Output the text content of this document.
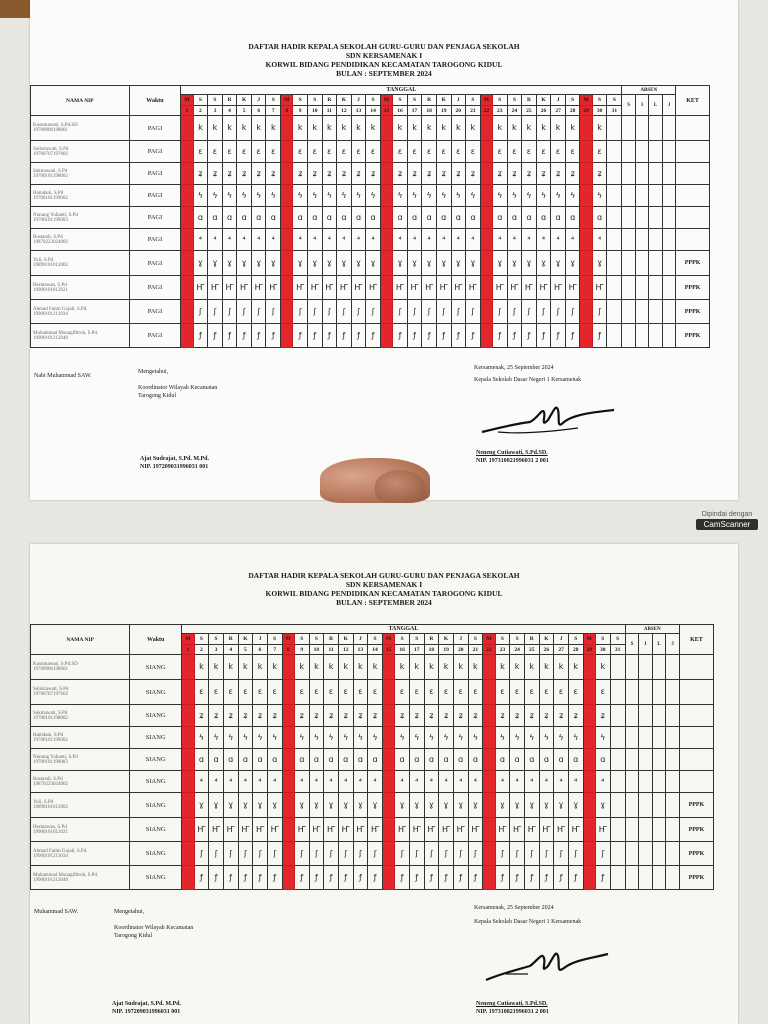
DAFTAR HADIR KEPALA SEKOLAH GURU-GURU DAN PENJAGA SEKOLAH
SDN KERSAMENAK I
KORWIL BIDANG PENDIDIKAN KECAMATAN TAROGONG KIDUL
BULAN : SEPTEMBER 2024
NAMA NIP	Waktu	TANGGAL																															ABSEN				KET
		M	S	S	R	K	J	S	M	S	S	R	K	J	S	M	S	S	R	K	J	S	M	S	S	R	K	J	S	M	S	S	S	I	L	J	
		1	2	3	4	5	6	7	8	9	10	11	12	13	14	15	16	17	18	19	20	21	22	23	24	25	26	27	28	29	30	31					

Kusumawati, S.Pd.SD
19700906198001	PAGI		k	k	k	k	k	k		k	k	k	k	k	k		k	k	k	k	k	k		k	k	k	k	k	k		k						

Sulistiawati, S.Pd
19700707197602	PAGI		ɛ	ɛ	ɛ	ɛ	ɛ	ɛ		ɛ	ɛ	ɛ	ɛ	ɛ	ɛ		ɛ	ɛ	ɛ	ɛ	ɛ	ɛ		ɛ	ɛ	ɛ	ɛ	ɛ	ɛ		ɛ						

Sukmawati, S.Pd
19700101198002	PAGI		ʑ	ʑ	ʑ	ʑ	ʑ	ʑ		ʑ	ʑ	ʑ	ʑ	ʑ	ʑ		ʑ	ʑ	ʑ	ʑ	ʑ	ʑ		ʑ	ʑ	ʑ	ʑ	ʑ	ʑ		ʑ						

Hamdani, S.Pd
19700101199002	PAGI		ϟ	ϟ	ϟ	ϟ	ϟ	ϟ		ϟ	ϟ	ϟ	ϟ	ϟ	ϟ		ϟ	ϟ	ϟ	ϟ	ϟ	ϟ		ϟ	ϟ	ϟ	ϟ	ϟ	ϟ		ϟ						

Nunung Yulianti, S.Pd
19700101199003	PAGI		ɑ	ɑ	ɑ	ɑ	ɑ	ɑ		ɑ	ɑ	ɑ	ɑ	ɑ	ɑ		ɑ	ɑ	ɑ	ɑ	ɑ	ɑ		ɑ	ɑ	ɑ	ɑ	ɑ	ɑ		ɑ						

Rustandi, S.Pd
19870223024002	PAGI		⁴	⁴	⁴	⁴	⁴	⁴		⁴	⁴	⁴	⁴	⁴	⁴		⁴	⁴	⁴	⁴	⁴	⁴		⁴	⁴	⁴	⁴	⁴	⁴		⁴						

Yuli, S.Pd
19890101012002	PAGI		ɣ	ɣ	ɣ	ɣ	ɣ	ɣ		ɣ	ɣ	ɣ	ɣ	ɣ	ɣ		ɣ	ɣ	ɣ	ɣ	ɣ	ɣ		ɣ	ɣ	ɣ	ɣ	ɣ	ɣ		ɣ						PPPK

Hermawan, S.Pd
19900101012021	PAGI		Ҥ	Ҥ	Ҥ	Ҥ	Ҥ	Ҥ		Ҥ	Ҥ	Ҥ	Ҥ	Ҥ	Ҥ		Ҥ	Ҥ	Ҥ	Ҥ	Ҥ	Ҥ		Ҥ	Ҥ	Ҥ	Ҥ	Ҥ	Ҥ		Ҥ						PPPK

Ahmad Fatim Gojali, S.Pd.
19900101211034	PAGI		ʃ	ʃ	ʃ	ʃ	ʃ	ʃ		ʃ	ʃ	ʃ	ʃ	ʃ	ʃ		ʃ	ʃ	ʃ	ʃ	ʃ	ʃ		ʃ	ʃ	ʃ	ʃ	ʃ	ʃ		ʃ						PPPK

Muhammad Munagiftiruh, S.Pd.
19900101212040	PAGI		ƒ	ƒ	ƒ	ƒ	ƒ	ƒ		ƒ	ƒ	ƒ	ƒ	ƒ	ƒ		ƒ	ƒ	ƒ	ƒ	ƒ	ƒ		ƒ	ƒ	ƒ	ƒ	ƒ	ƒ		ƒ						PPPK
Nabi Muhammad SAW.
Mengetahui,
Koordinator Wilayah Kecamatan
Tarogong Kidul
Kersamenak, 25 September 2024
Kepala Sekolah Dasar Negeri 1 Kersamenak
Ajat Sudrajat, S.Pd. M.Pd.
NIP. 197209031996031 001
Neneng Cutiawati, S.Pd.SD.
NIP. 197310821996031 2 001
Dipindai dengan
CamScanner
DAFTAR HADIR KEPALA SEKOLAH GURU-GURU DAN PENJAGA SEKOLAH
SDN KERSAMENAK I
KORWIL BIDANG PENDIDIKAN KECAMATAN TAROGONG KIDUL
BULAN : SEPTEMBER 2024
NAMA NIP	Waktu	TANGGAL																															ABSEN				KET
		M	S	S	R	K	J	S	M	S	S	R	K	J	S	M	S	S	R	K	J	S	M	S	S	R	K	J	S	M	S	S	S	I	L	J	
		1	2	3	4	5	6	7	8	9	10	11	12	13	14	15	16	17	18	19	20	21	22	23	24	25	26	27	28	29	30	31					

Kusumawati, S.Pd.SD
19700906198001	SIANG		k	k	k	k	k	k		k	k	k	k	k	k		k	k	k	k	k	k		k	k	k	k	k	k		k						

Sulistiawati, S.Pd
19700707197602	SIANG		ɛ	ɛ	ɛ	ɛ	ɛ	ɛ		ɛ	ɛ	ɛ	ɛ	ɛ	ɛ		ɛ	ɛ	ɛ	ɛ	ɛ	ɛ		ɛ	ɛ	ɛ	ɛ	ɛ	ɛ		ɛ						

Sukmawati, S.Pd
19700101198002	SIANG		ʑ	ʑ	ʑ	ʑ	ʑ	ʑ		ʑ	ʑ	ʑ	ʑ	ʑ	ʑ		ʑ	ʑ	ʑ	ʑ	ʑ	ʑ		ʑ	ʑ	ʑ	ʑ	ʑ	ʑ		ʑ						

Hamdani, S.Pd
19700101199002	SIANG		ϟ	ϟ	ϟ	ϟ	ϟ	ϟ		ϟ	ϟ	ϟ	ϟ	ϟ	ϟ		ϟ	ϟ	ϟ	ϟ	ϟ	ϟ		ϟ	ϟ	ϟ	ϟ	ϟ	ϟ		ϟ						

Nunung Yulianti, S.Pd
19700101199003	SIANG		ɑ	ɑ	ɑ	ɑ	ɑ	ɑ		ɑ	ɑ	ɑ	ɑ	ɑ	ɑ		ɑ	ɑ	ɑ	ɑ	ɑ	ɑ		ɑ	ɑ	ɑ	ɑ	ɑ	ɑ		ɑ						

Rustandi, S.Pd
19870223024002	SIANG		⁴	⁴	⁴	⁴	⁴	⁴		⁴	⁴	⁴	⁴	⁴	⁴		⁴	⁴	⁴	⁴	⁴	⁴		⁴	⁴	⁴	⁴	⁴	⁴		⁴						

Yuli, S.Pd
19890101012002	SIANG		ɣ	ɣ	ɣ	ɣ	ɣ	ɣ		ɣ	ɣ	ɣ	ɣ	ɣ	ɣ		ɣ	ɣ	ɣ	ɣ	ɣ	ɣ		ɣ	ɣ	ɣ	ɣ	ɣ	ɣ		ɣ						PPPK

Hermawan, S.Pd
19900101012021	SIANG		Ҥ	Ҥ	Ҥ	Ҥ	Ҥ	Ҥ		Ҥ	Ҥ	Ҥ	Ҥ	Ҥ	Ҥ		Ҥ	Ҥ	Ҥ	Ҥ	Ҥ	Ҥ		Ҥ	Ҥ	Ҥ	Ҥ	Ҥ	Ҥ		Ҥ						PPPK

Ahmad Fatim Gojali, S.Pd.
19900101211034	SIANG		ʃ	ʃ	ʃ	ʃ	ʃ	ʃ		ʃ	ʃ	ʃ	ʃ	ʃ	ʃ		ʃ	ʃ	ʃ	ʃ	ʃ	ʃ		ʃ	ʃ	ʃ	ʃ	ʃ	ʃ		ʃ						PPPK

Muhammad Munagiftiruh, S.Pd.
19900101212040	SIANG		ƒ	ƒ	ƒ	ƒ	ƒ	ƒ		ƒ	ƒ	ƒ	ƒ	ƒ	ƒ		ƒ	ƒ	ƒ	ƒ	ƒ	ƒ		ƒ	ƒ	ƒ	ƒ	ƒ	ƒ		ƒ						PPPK
Muhammad SAW.	Mengetahui,
Koordinator Wilayah Kecamatan
Tarogong Kidul
Kersamenak, 25 September 2024
Kepala Sekolah Dasar Negeri 1 Kersamenak
Ajat Sudrajat, S.Pd. M.Pd.
NIP. 197209031996031 001
Neneng Cutiawati, S.Pd.SD.
NIP. 197310821996031 2 001
